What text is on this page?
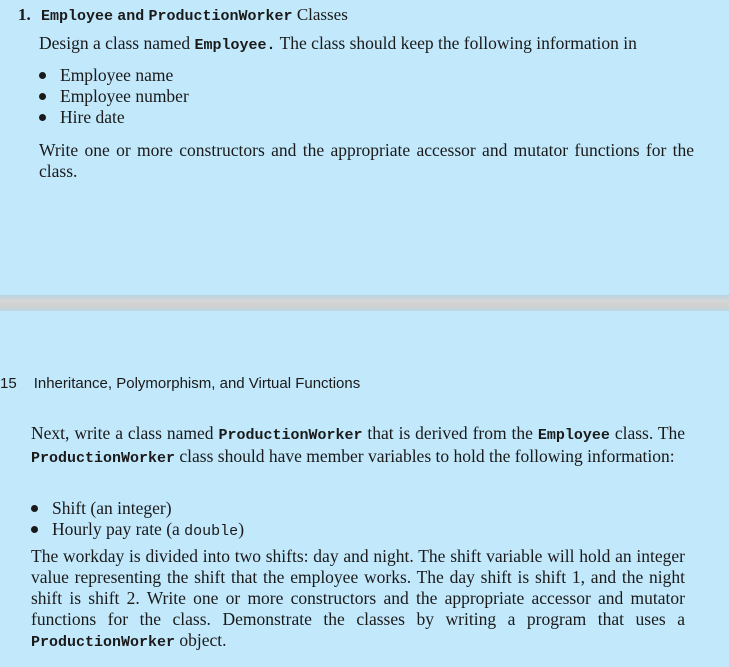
1. Employee and ProductionWorker Classes
Design a class named Employee. The class should keep the following information in
Employee name
Employee number
Hire date
Write one or more constructors and the appropriate accessor and mutator functions for the class.
15 Inheritance, Polymorphism, and Virtual Functions
Next, write a class named ProductionWorker that is derived from the Employee class. The ProductionWorker class should have member variables to hold the following information:
Shift (an integer)
Hourly pay rate (a double)
The workday is divided into two shifts: day and night. The shift variable will hold an integer value representing the shift that the employee works. The day shift is shift 1, and the night shift is shift 2. Write one or more constructors and the appropriate accessor and mutator functions for the class. Demonstrate the classes by writing a program that uses a ProductionWorker object.
